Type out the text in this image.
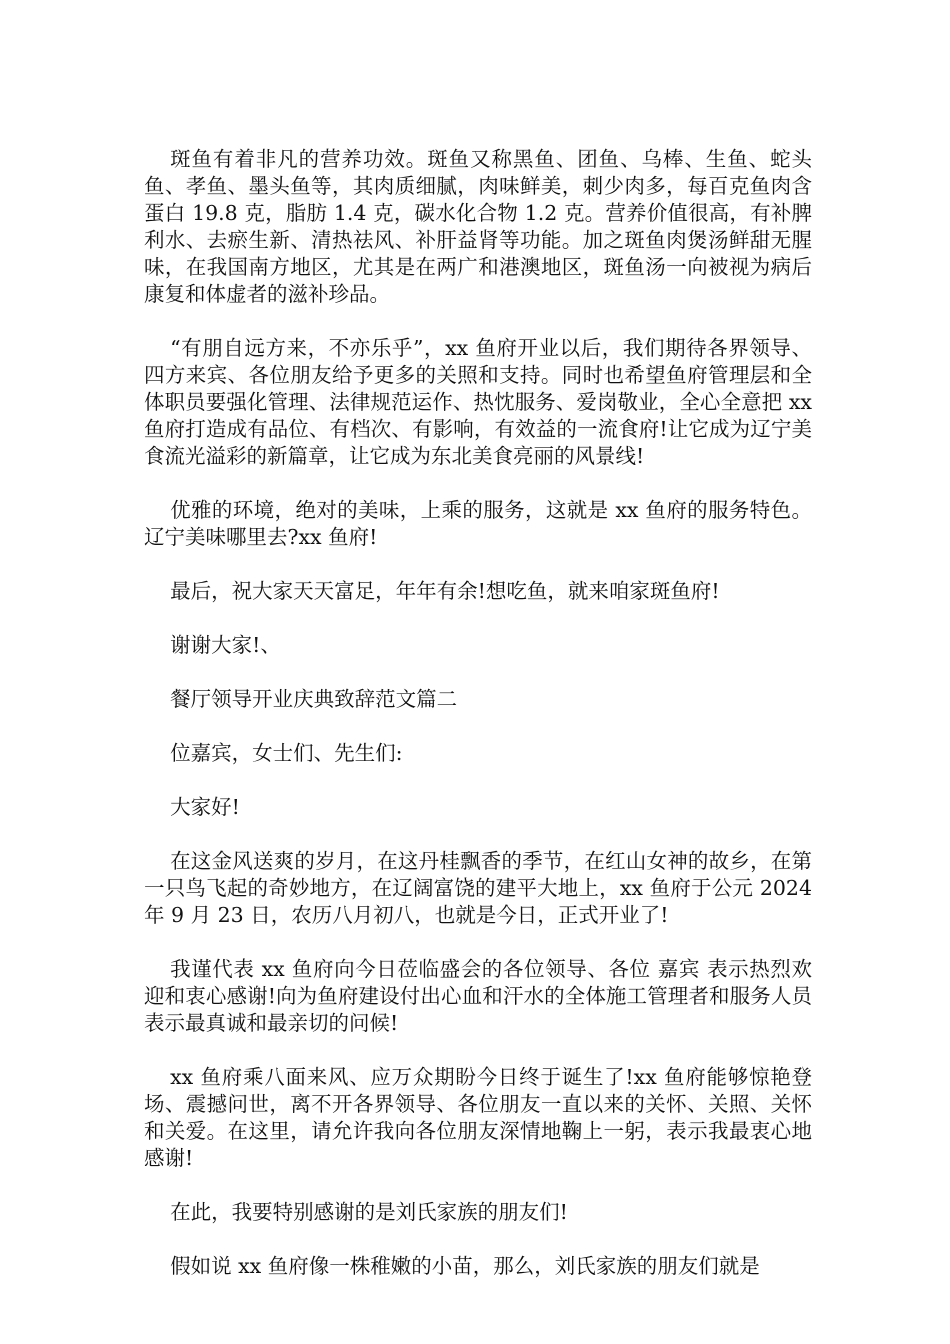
斑鱼有着非凡的营养功效。斑鱼又称黑鱼、团鱼、乌棒、生鱼、蛇头鱼、孝鱼、墨头鱼等，其肉质细腻，肉味鲜美，刺少肉多，每百克鱼肉含蛋白 19.8 克，脂肪 1.4 克，碳水化合物 1.2 克。营养价值很高，有补脾利水、去瘀生新、清热祛风、补肝益肾等功能。加之斑鱼肉煲汤鲜甜无腥味，在我国南方地区，尤其是在两广和港澳地区，斑鱼汤一向被视为病后康复和体虚者的滋补珍品。

“有朋自远方来，不亦乐乎”，xx 鱼府开业以后，我们期待各界领导、四方来宾、各位朋友给予更多的关照和支持。同时也希望鱼府管理层和全体职员要强化管理、法律规范运作、热忱服务、爱岗敬业，全心全意把 xx 鱼府打造成有品位、有档次、有影响，有效益的一流食府!让它成为辽宁美食流光溢彩的新篇章，让它成为东北美食亮丽的风景线!

优雅的环境，绝对的美味，上乘的服务，这就是 xx 鱼府的服务特色。辽宁美味哪里去?xx 鱼府!

最后，祝大家天天富足，年年有余!想吃鱼，就来咱家斑鱼府!

谢谢大家!、

餐厅领导开业庆典致辞范文篇二

位嘉宾，女士们、先生们:

大家好!

在这金风送爽的岁月，在这丹桂飘香的季节，在红山女神的故乡，在第一只鸟飞起的奇妙地方，在辽阔富饶的建平大地上，xx 鱼府于公元 2024 年 9 月 23 日，农历八月初八，也就是今日，正式开业了!

我谨代表 xx 鱼府向今日莅临盛会的各位领导、各位 嘉宾 表示热烈欢迎和衷心感谢!向为鱼府建设付出心血和汗水的全体施工管理者和服务人员表示最真诚和最亲切的问候!

xx 鱼府乘八面来风、应万众期盼今日终于诞生了!xx 鱼府能够惊艳登场、震撼问世，离不开各界领导、各位朋友一直以来的关怀、关照、关怀和关爱。在这里，请允许我向各位朋友深情地鞠上一躬，表示我最衷心地感谢!

在此，我要特别感谢的是刘氏家族的朋友们!

假如说 xx 鱼府像一株稚嫩的小苗，那么，刘氏家族的朋友们就是
